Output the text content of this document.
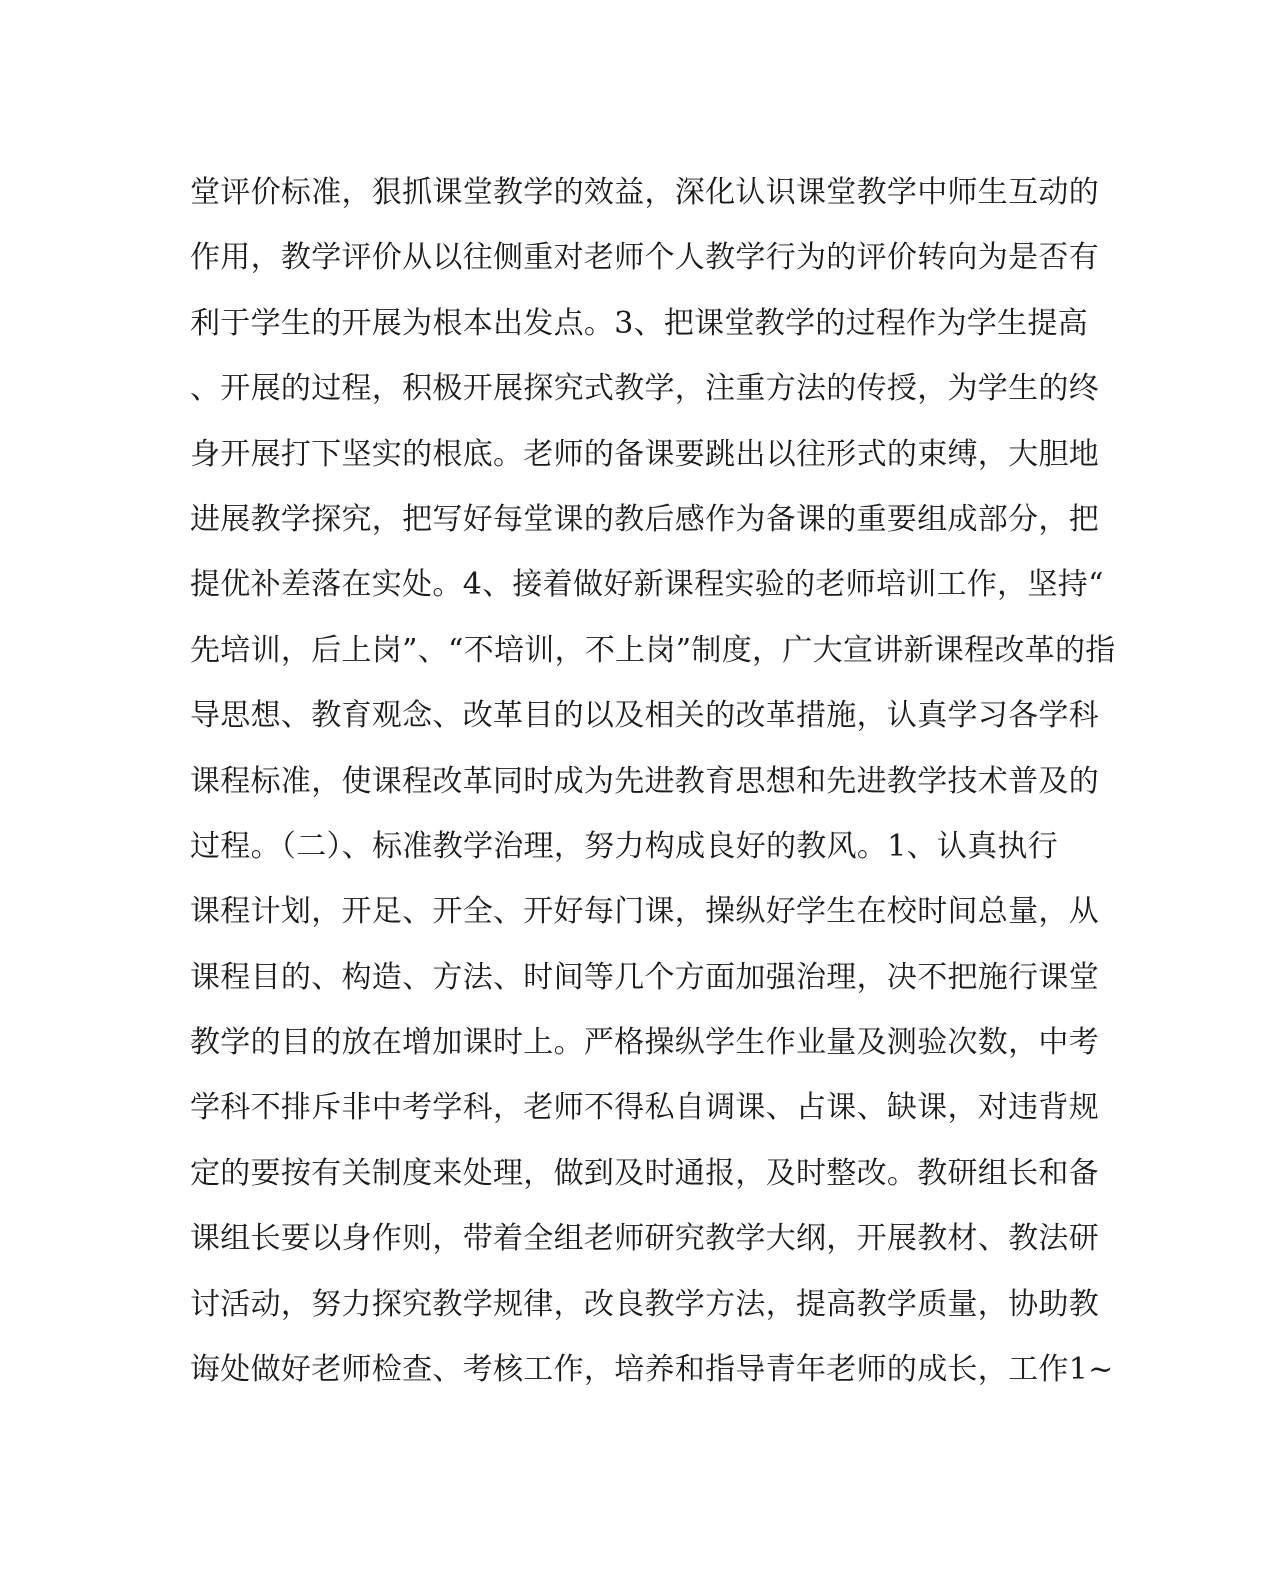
堂评价标准，狠抓课堂教学的效益，深化认识课堂教学中师生互动的
作用，教学评价从以往侧重对老师个人教学行为的评价转向为是否有
利于学生的开展为根本出发点。3、把课堂教学的过程作为学生提高
、开展的过程，积极开展探究式教学，注重方法的传授，为学生的终
身开展打下坚实的根底。老师的备课要跳出以往形式的束缚，大胆地
进展教学探究，把写好每堂课的教后感作为备课的重要组成部分，把
提优补差落在实处。4、接着做好新课程实验的老师培训工作，坚持“
先培训，后上岗”、“不培训，不上岗”制度，广大宣讲新课程改革的指
导思想、教育观念、改革目的以及相关的改革措施，认真学习各学科
课程标准，使课程改革同时成为先进教育思想和先进教学技术普及的
过程。（二）、标准教学治理，努力构成良好的教风。1、认真执行
课程计划，开足、开全、开好每门课，操纵好学生在校时间总量，从
课程目的、构造、方法、时间等几个方面加强治理，决不把施行课堂
教学的目的放在增加课时上。严格操纵学生作业量及测验次数，中考
学科不排斥非中考学科，老师不得私自调课、占课、缺课，对违背规
定的要按有关制度来处理，做到及时通报，及时整改。教研组长和备
课组长要以身作则，带着全组老师研究教学大纲，开展教材、教法研
讨活动，努力探究教学规律，改良教学方法，提高教学质量，协助教
诲处做好老师检查、考核工作，培养和指导青年老师的成长，工作1~
